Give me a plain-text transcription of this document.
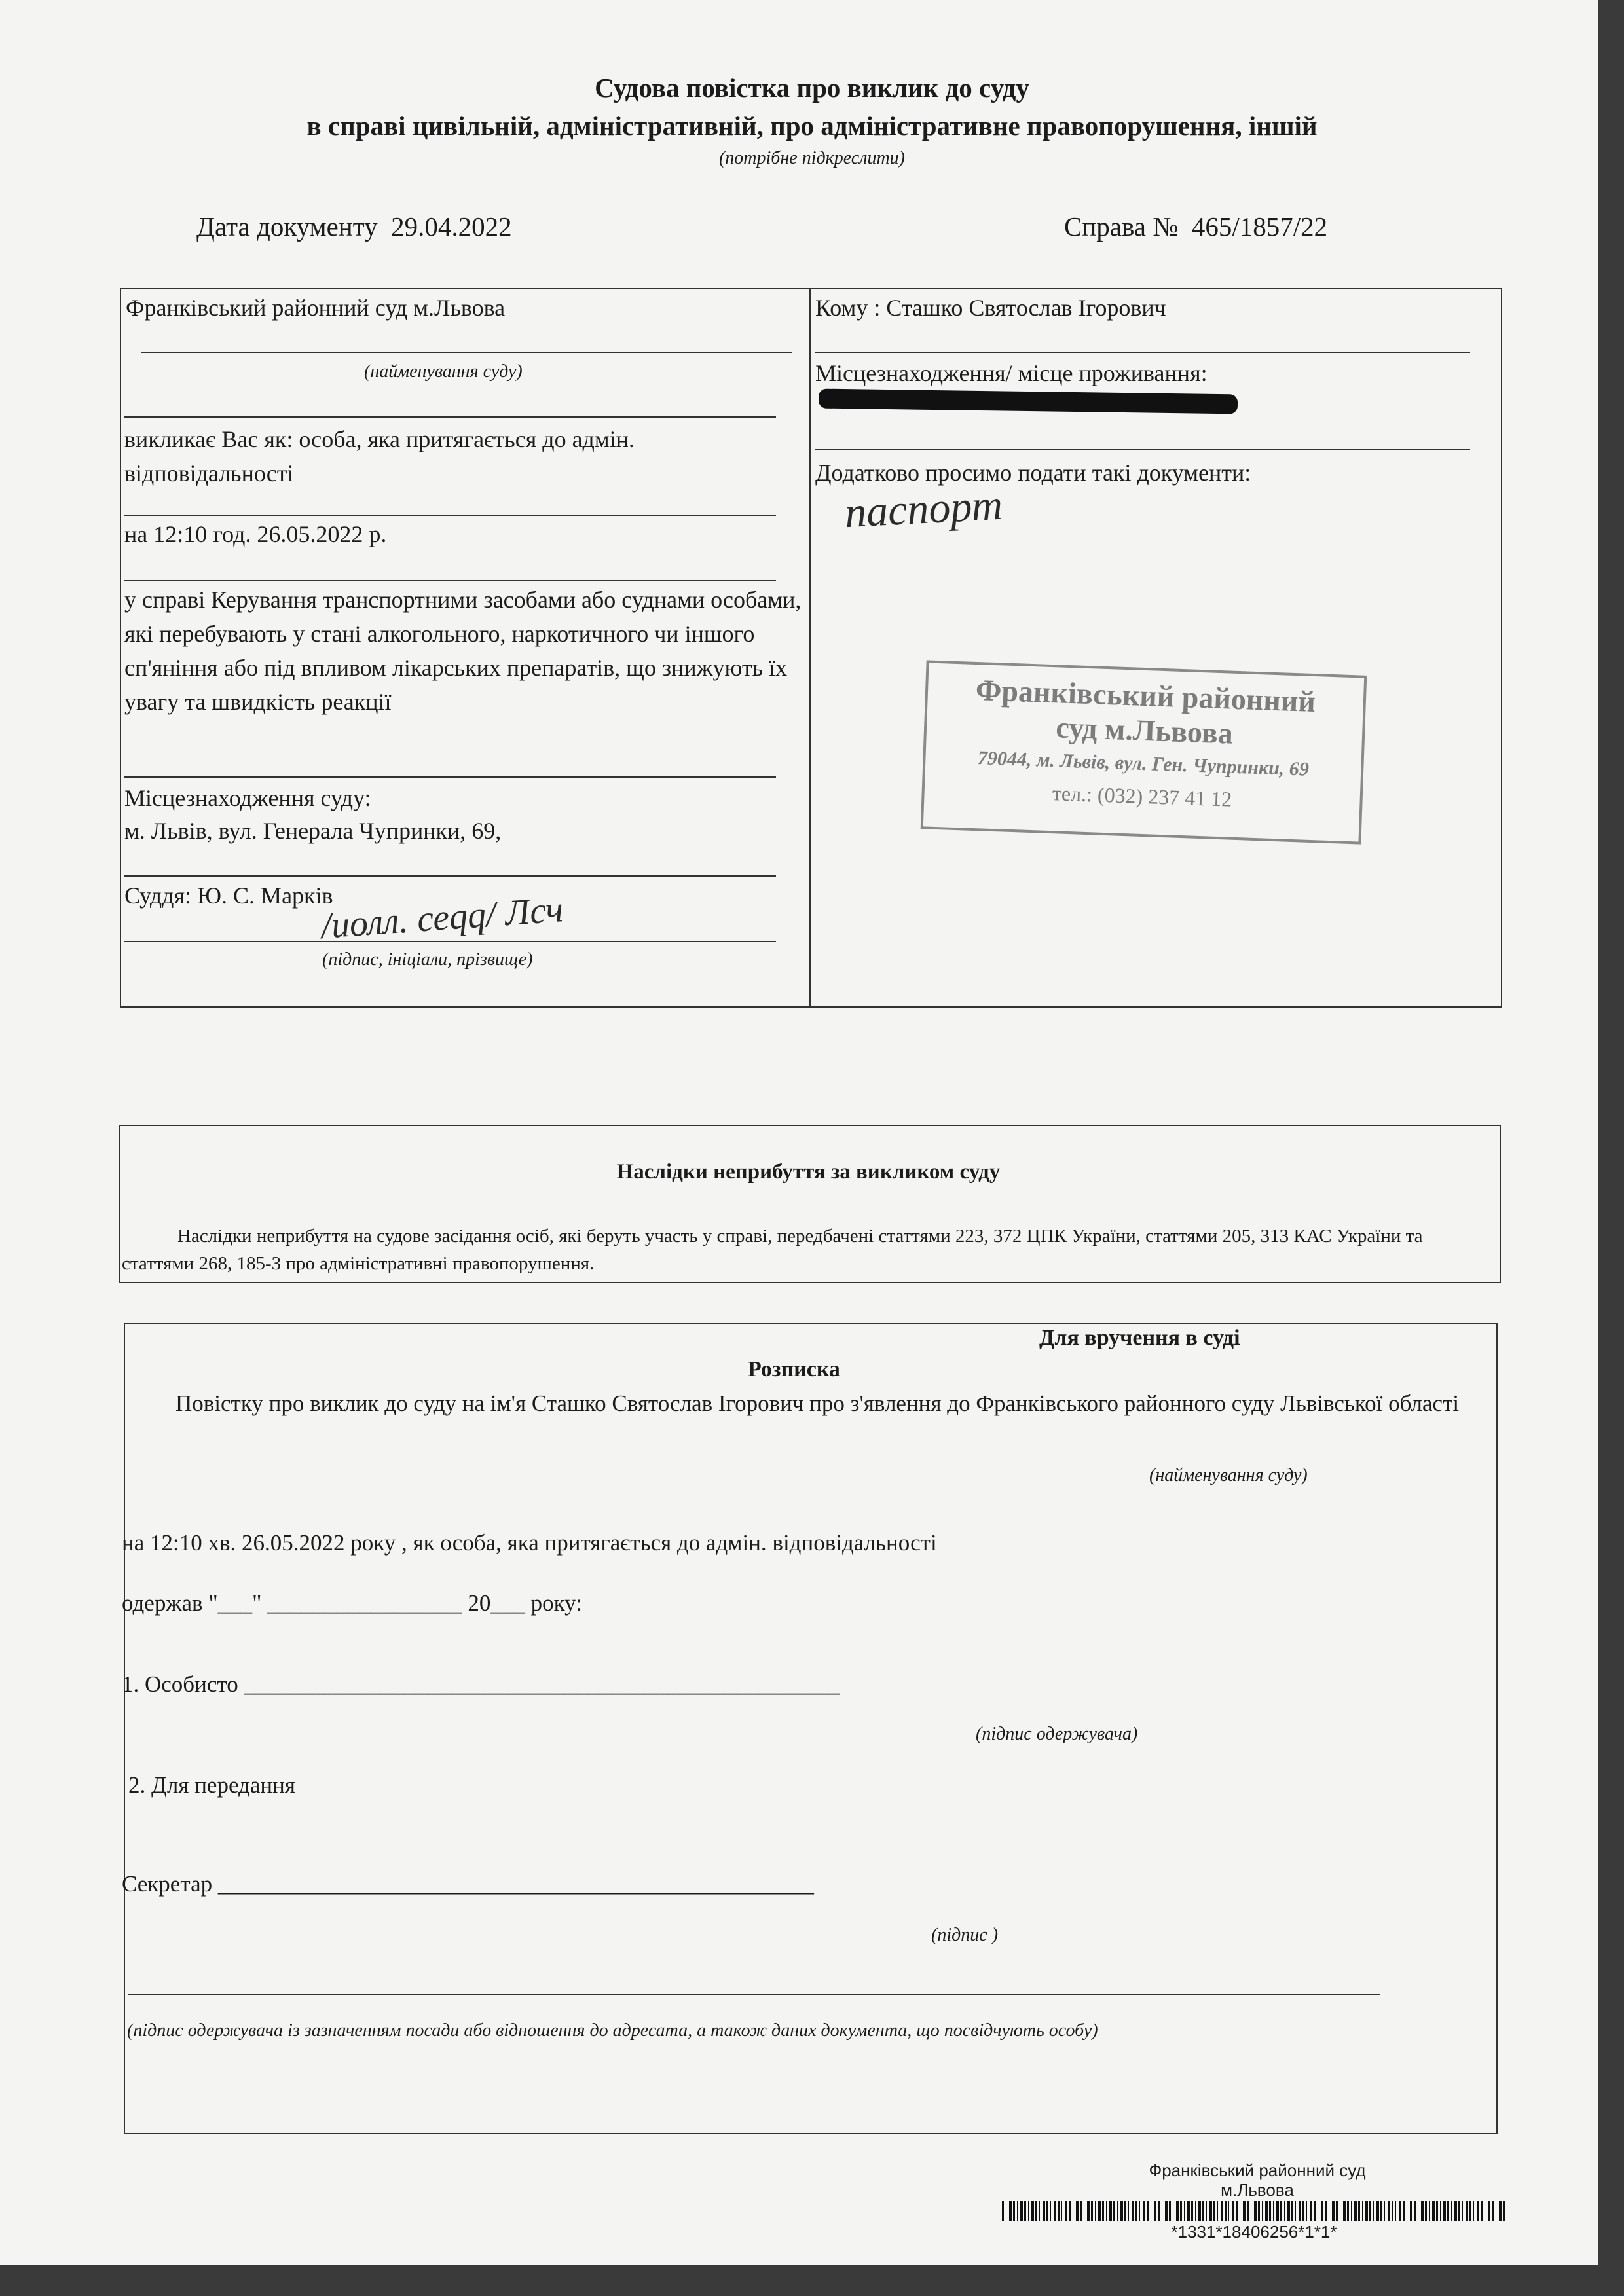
Судова повістка про виклик до суду
в справі цивільній, адміністративній, про адміністративне правопорушення, іншій
(потрібне підкреслити)
Дата документу 29.04.2022	Справа № 465/1857/22
Франківський районний суд м.Львова
(найменування суду)
викликає Вас як: особа, яка притягається до адмін. відповідальності
на 12:10 год. 26.05.2022 р.
у справі Керування транспортними засобами або суднами особами, які перебувають у стані алкогольного, наркотичного чи іншого сп'яніння або під впливом лікарських препаратів, що знижують їх увагу та швидкість реакції
Місцезнаходження суду:
м. Львів, вул. Генерала Чупринки, 69,
Суддя: Ю. С. Марків
/иолл. сеqq/ Лсч
(підпис, ініціали, прізвище)
Кому : Сташко Святослав Ігорович
Місцезнаходження/ місце проживання:
Додатково просимо подати такі документи:
паспорт
Франківський районний
суд м.Львова
79044, м. Львів, вул. Ген. Чупринки, 69
тел.: (032) 237 41 12
Наслідки неприбуття за викликом суду
Наслідки неприбуття на судове засідання осіб, які беруть участь у справі, передбачені статтями 223, 372 ЦПК України, статтями 205, 313 КАС України та статтями 268, 185-3 про адміністративні правопорушення.
Для вручення в суді
Розписка
Повістку про виклик до суду на ім'я Сташко Святослав Ігорович про з'явлення до Франківського районного суду Львівської області
(найменування суду)
на 12:10 хв. 26.05.2022 року , як особа, яка притягається до адмін. відповідальності
одержав "___" _________________ 20___ року:
1. Особисто ____________________________________________________
(підпис одержувача)
2. Для передання
Секретар ____________________________________________________
(підпис )
(підпис одержувача із зазначенням посади або відношення до адресата, а також даних документа, що посвідчують особу)
Франківський районний суд
м.Львова
*1331*18406256*1*1*
